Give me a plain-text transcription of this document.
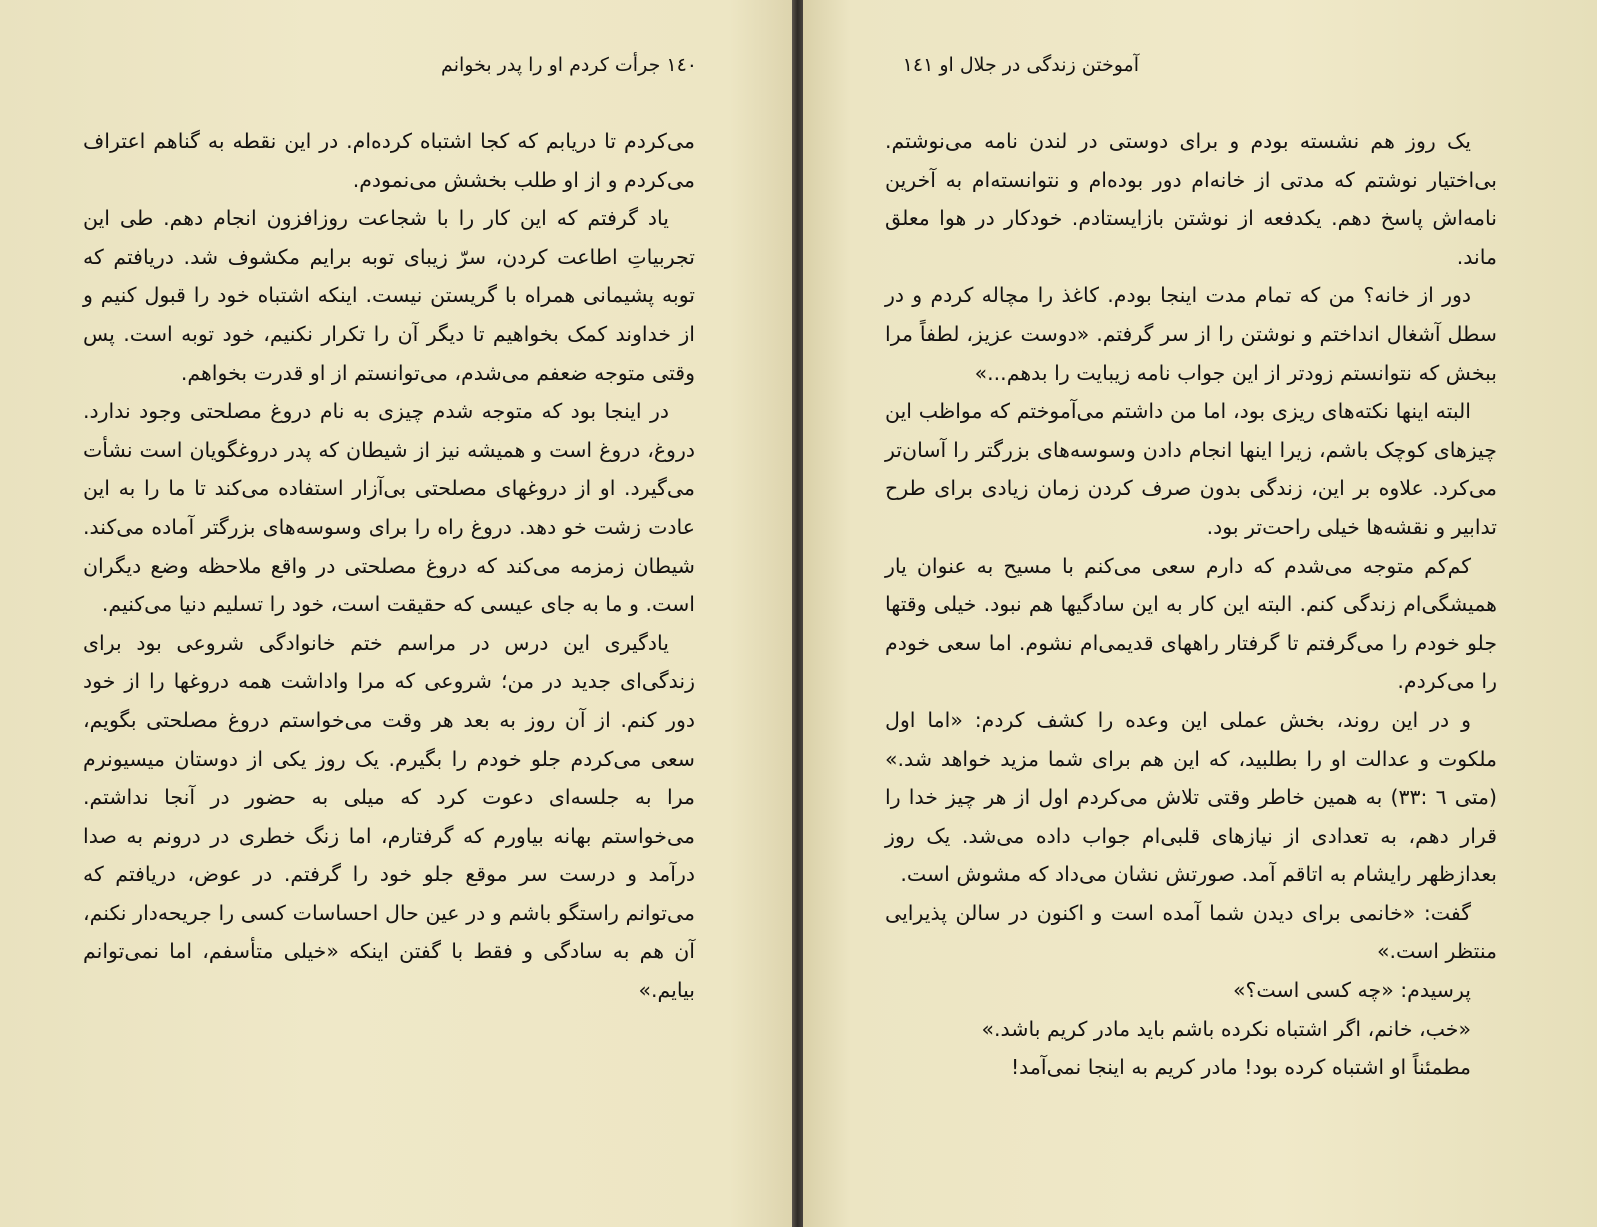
١٤٠ جرأت کردم او را پدر بخوانم

می‌کردم تا دریابم که کجا اشتباه کرده‌ام. در این نقطه به گناهم اعتراف می‌کردم و از او طلب بخشش می‌نمودم.

یاد گرفتم که این کار را با شجاعت روزافزون انجام دهم. طی این تجربیاتِ اطاعت کردن، سرّ زیبای توبه برایم مکشوف شد. دریافتم که توبه پشیمانی همراه با گریستن نیست. اینکه اشتباه خود را قبول کنیم و از خداوند کمک بخواهیم تا دیگر آن را تکرار نکنیم، خود توبه است. پس وقتی متوجه ضعفم می‌شدم، می‌توانستم از او قدرت بخواهم.

در اینجا بود که متوجه شدم چیزی به نام دروغ مصلحتی وجود ندارد. دروغ، دروغ است و همیشه نیز از شیطان که پدر دروغگویان است نشأت می‌گیرد. او از دروغهای مصلحتی بی‌آزار استفاده می‌کند تا ما را به این عادت زشت خو دهد. دروغ راه را برای وسوسه‌های بزرگتر آماده می‌کند. شیطان زمزمه می‌کند که دروغ مصلحتی در واقع ملاحظه وضع دیگران است. و ما به جای عیسی که حقیقت است، خود را تسلیم دنیا می‌کنیم.

یادگیری این درس در مراسم ختم خانوادگی شروعی بود برای زندگی‌ای جدید در من؛ شروعی که مرا واداشت همه دروغها را از خود دور کنم. از آن روز به بعد هر وقت می‌خواستم دروغ مصلحتی بگویم، سعی می‌کردم جلو خودم را بگیرم. یک روز یکی از دوستان میسیونرم مرا به جلسه‌ای دعوت کرد که میلی به حضور در آنجا نداشتم. می‌خواستم بهانه بیاورم که گرفتارم، اما زنگ خطری در درونم به صدا درآمد و درست سر موقع جلو خود را گرفتم. در عوض، دریافتم که می‌توانم راستگو باشم و در عین حال احساسات کسی را جریحه‌دار نکنم، آن هم به سادگی و فقط با گفتن اینکه «خیلی متأسفم، اما نمی‌توانم بیایم.»

آموختن زندگی در جلال او ١٤١

یک روز هم نشسته بودم و برای دوستی در لندن نامه می‌نوشتم. بی‌اختیار نوشتم که مدتی از خانه‌ام دور بوده‌ام و نتوانسته‌ام به آخرین نامه‌اش پاسخ دهم. یکدفعه از نوشتن بازایستادم. خودکار در هوا معلق ماند.

دور از خانه؟ من که تمام مدت اینجا بودم. کاغذ را مچاله کردم و در سطل آشغال انداختم و نوشتن را از سر گرفتم. «دوست عزیز، لطفاً مرا ببخش که نتوانستم زودتر از این جواب نامه زیبایت را بدهم...»

البته اینها نکته‌های ریزی بود، اما من داشتم می‌آموختم که مواظب این چیزهای کوچک باشم، زیرا اینها انجام دادن وسوسه‌های بزرگتر را آسان‌تر می‌کرد. علاوه بر این، زندگی بدون صرف کردن زمان زیادی برای طرح تدابیر و نقشه‌ها خیلی راحت‌تر بود.

کم‌کم متوجه می‌شدم که دارم سعی می‌کنم با مسیح به عنوان یار همیشگی‌ام زندگی کنم. البته این کار به این سادگیها هم نبود. خیلی وقتها جلو خودم را می‌گرفتم تا گرفتار راههای قدیمی‌ام نشوم. اما سعی خودم را می‌کردم.

و در این روند، بخش عملی این وعده را کشف کردم: «اما اول ملکوت و عدالت او را بطلبید، که این هم برای شما مزید خواهد شد.» (متی ٦ :٣٣) به همین خاطر وقتی تلاش می‌کردم اول از هر چیز خدا را قرار دهم، به تعدادی از نیازهای قلبی‌ام جواب داده می‌شد. یک روز بعدازظهر رایشام به اتاقم آمد. صورتش نشان می‌داد که مشوش است.

گفت: «خانمی برای دیدن شما آمده است و اکنون در سالن پذیرایی منتظر است.»

پرسیدم: «چه کسی است؟»

«خب، خانم، اگر اشتباه نکرده باشم باید مادر کریم باشد.»

مطمئناً او اشتباه کرده بود! مادر کریم به اینجا نمی‌آمد!
